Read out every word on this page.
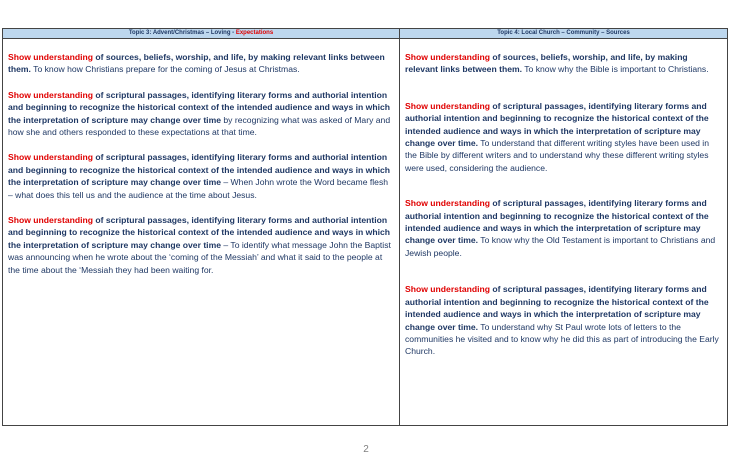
Topic 3: Advent/Christmas – Loving - Expectations

Show understanding of sources, beliefs, worship, and life, by making relevant links between them. To know how Christians prepare for the coming of Jesus at Christmas.

Show understanding of scriptural passages, identifying literary forms and authorial intention and beginning to recognize the historical context of the intended audience and ways in which the interpretation of scripture may change over time by recognizing what was asked of Mary and how she and others responded to these expectations at that time.

Show understanding of scriptural passages, identifying literary forms and authorial intention and beginning to recognize the historical context of the intended audience and ways in which the interpretation of scripture may change over time – When John wrote the Word became flesh – what does this tell us and the audience at the time about Jesus.

Show understanding of scriptural passages, identifying literary forms and authorial intention and beginning to recognize the historical context of the intended audience and ways in which the interpretation of scripture may change over time – To identify what message John the Baptist was announcing when he wrote about the ‘coming of the Messiah’ and what it said to the people at the time about the ‘Messiah they had been waiting for.

Topic 4: Local Church – Community – Sources

Show understanding of sources, beliefs, worship, and life, by making relevant links between them. To know why the Bible is important to Christians.

Show understanding of scriptural passages, identifying literary forms and authorial intention and beginning to recognize the historical context of the intended audience and ways in which the interpretation of scripture may change over time. To understand that different writing styles have been used in the Bible by different writers and to understand why these different writing styles were used, considering the audience.

Show understanding of scriptural passages, identifying literary forms and authorial intention and beginning to recognize the historical context of the intended audience and ways in which the interpretation of scripture may change over time. To know why the Old Testament is important to Christians and Jewish people.

Show understanding of scriptural passages, identifying literary forms and authorial intention and beginning to recognize the historical context of the intended audience and ways in which the interpretation of scripture may change over time. To understand why St Paul wrote lots of letters to the communities he visited and to know why he did this as part of introducing the Early Church.

2
